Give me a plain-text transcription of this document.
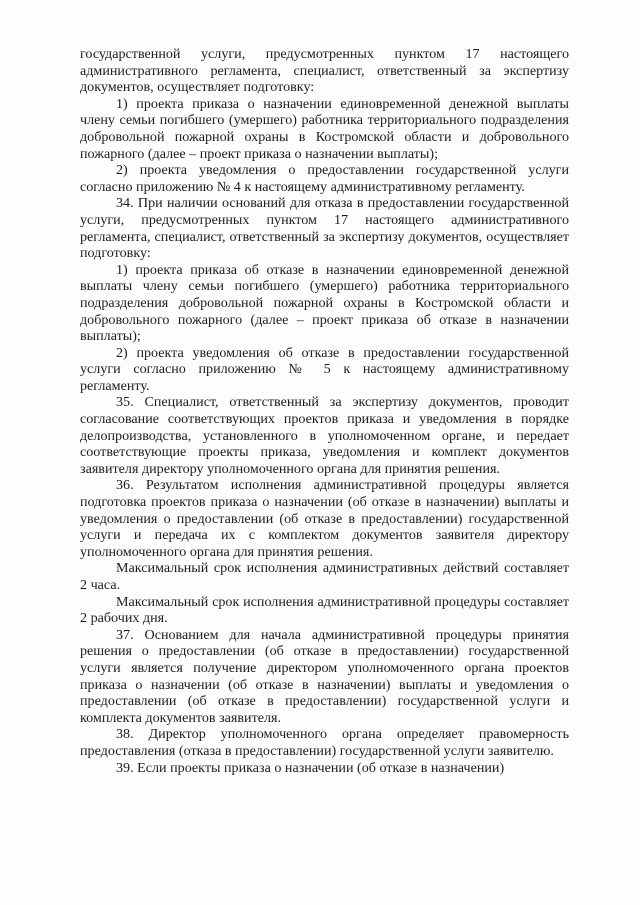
государственной услуги, предусмотренных пунктом 17 настоящего административного регламента, специалист, ответственный за экспертизу документов, осуществляет подготовку:

1) проекта приказа о назначении единовременной денежной выплаты члену семьи погибшего (умершего) работника территориального подразделения добровольной пожарной охраны в Костромской области и добровольного пожарного (далее – проект приказа о назначении выплаты);

2) проекта уведомления о предоставлении государственной услуги согласно приложению № 4 к настоящему административному регламенту.

34. При наличии оснований для отказа в предоставлении государственной услуги, предусмотренных пунктом 17 настоящего административного регламента, специалист, ответственный за экспертизу документов, осуществляет подготовку:

1) проекта приказа об отказе в назначении единовременной денежной выплаты члену семьи погибшего (умершего) работника территориального подразделения добровольной пожарной охраны в Костромской области и добровольного пожарного (далее – проект приказа об отказе в назначении выплаты);

2) проекта уведомления об отказе в предоставлении государственной услуги согласно приложению № 5 к настоящему административному регламенту.

35. Специалист, ответственный за экспертизу документов, проводит согласование соответствующих проектов приказа и уведомления в порядке делопроизводства, установленного в уполномоченном органе, и передает соответствующие проекты приказа, уведомления и комплект документов заявителя директору уполномоченного органа для принятия решения.

36. Результатом исполнения административной процедуры является подготовка проектов приказа о назначении (об отказе в назначении) выплаты и уведомления о предоставлении (об отказе в предоставлении) государственной услуги и передача их с комплектом документов заявителя директору уполномоченного органа для принятия решения.

Максимальный срок исполнения административных действий составляет 2 часа.

Максимальный срок исполнения административной процедуры составляет 2 рабочих дня.

37. Основанием для начала административной процедуры принятия решения о предоставлении (об отказе в предоставлении) государственной услуги является получение директором уполномоченного органа проектов приказа о назначении (об отказе в назначении) выплаты и уведомления о предоставлении (об отказе в предоставлении) государственной услуги и комплекта документов заявителя.

38. Директор уполномоченного органа определяет правомерность предоставления (отказа в предоставлении) государственной услуги заявителю.

39. Если проекты приказа о назначении (об отказе в назначении)
